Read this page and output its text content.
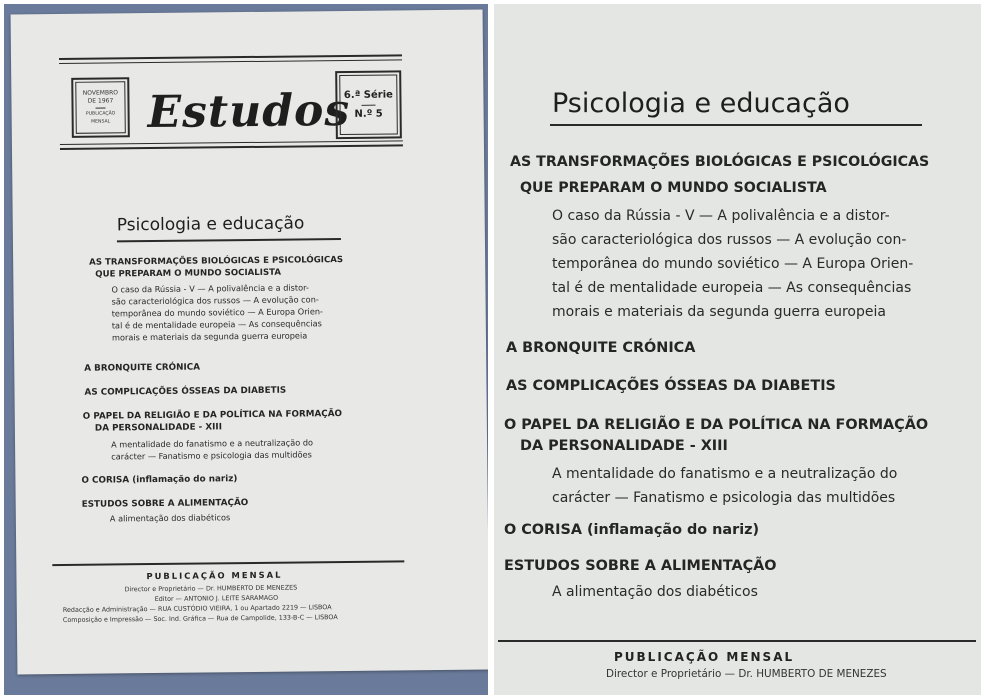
NOVEMBRO
DE 1967
PUBLICAÇÃO MENSAL Estudos
6.ª Série
N.º 5
Psicologia e educação
AS TRANSFORMAÇÕES BIOLÓGICAS E PSICOLÓGICAS
QUE PREPARAM O MUNDO SOCIALISTA
O caso da Rússia - V — A polivalência e a distor-
são caracteriológica dos russos — A evolução con-
temporânea do mundo soviético — A Europa Orien-
tal é de mentalidade europeia — As consequências
morais e materiais da segunda guerra europeia
A BRONQUITE CRÓNICA
AS COMPLICAÇÕES ÓSSEAS DA DIABETIS
O PAPEL DA RELIGIÃO E DA POLÍTICA NA FORMAÇÃO
DA PERSONALIDADE - XIII
A mentalidade do fanatismo e a neutralização do
carácter — Fanatismo e psicologia das multidões
O CORISA (inflamação do nariz)
ESTUDOS SOBRE A ALIMENTAÇÃO
A alimentação dos diabéticos
PUBLICAÇÃO MENSAL
Director e Proprietário — Dr. HUMBERTO DE MENEZES
Editor — ANTONIO J. LEITE SARAMAGO
Redacção e Administração — RUA CUSTÓDIO VIEIRA, 1 ou Apartado 2219 — LISBOA
Composição e Impressão — Soc. Ind. Gráfica — Rua de Campolide, 133-B-C — LISBOA
Psicologia e educação
AS TRANSFORMAÇÕES BIOLÓGICAS E PSICOLÓGICAS
QUE PREPARAM O MUNDO SOCIALISTA
O caso da Rússia - V — A polivalência e a distor-
são caracteriológica dos russos — A evolução con-
temporânea do mundo soviético — A Europa Orien-
tal é de mentalidade europeia — As consequências
morais e materiais da segunda guerra europeia
A BRONQUITE CRÓNICA
AS COMPLICAÇÕES ÓSSEAS DA DIABETIS
O PAPEL DA RELIGIÃO E DA POLÍTICA NA FORMAÇÃO
DA PERSONALIDADE - XIII
A mentalidade do fanatismo e a neutralização do
carácter — Fanatismo e psicologia das multidões
O CORISA (inflamação do nariz)
ESTUDOS SOBRE A ALIMENTAÇÃO
A alimentação dos diabéticos
PUBLICAÇÃO MENSAL
Director e Proprietário — Dr. HUMBERTO DE MENEZES
